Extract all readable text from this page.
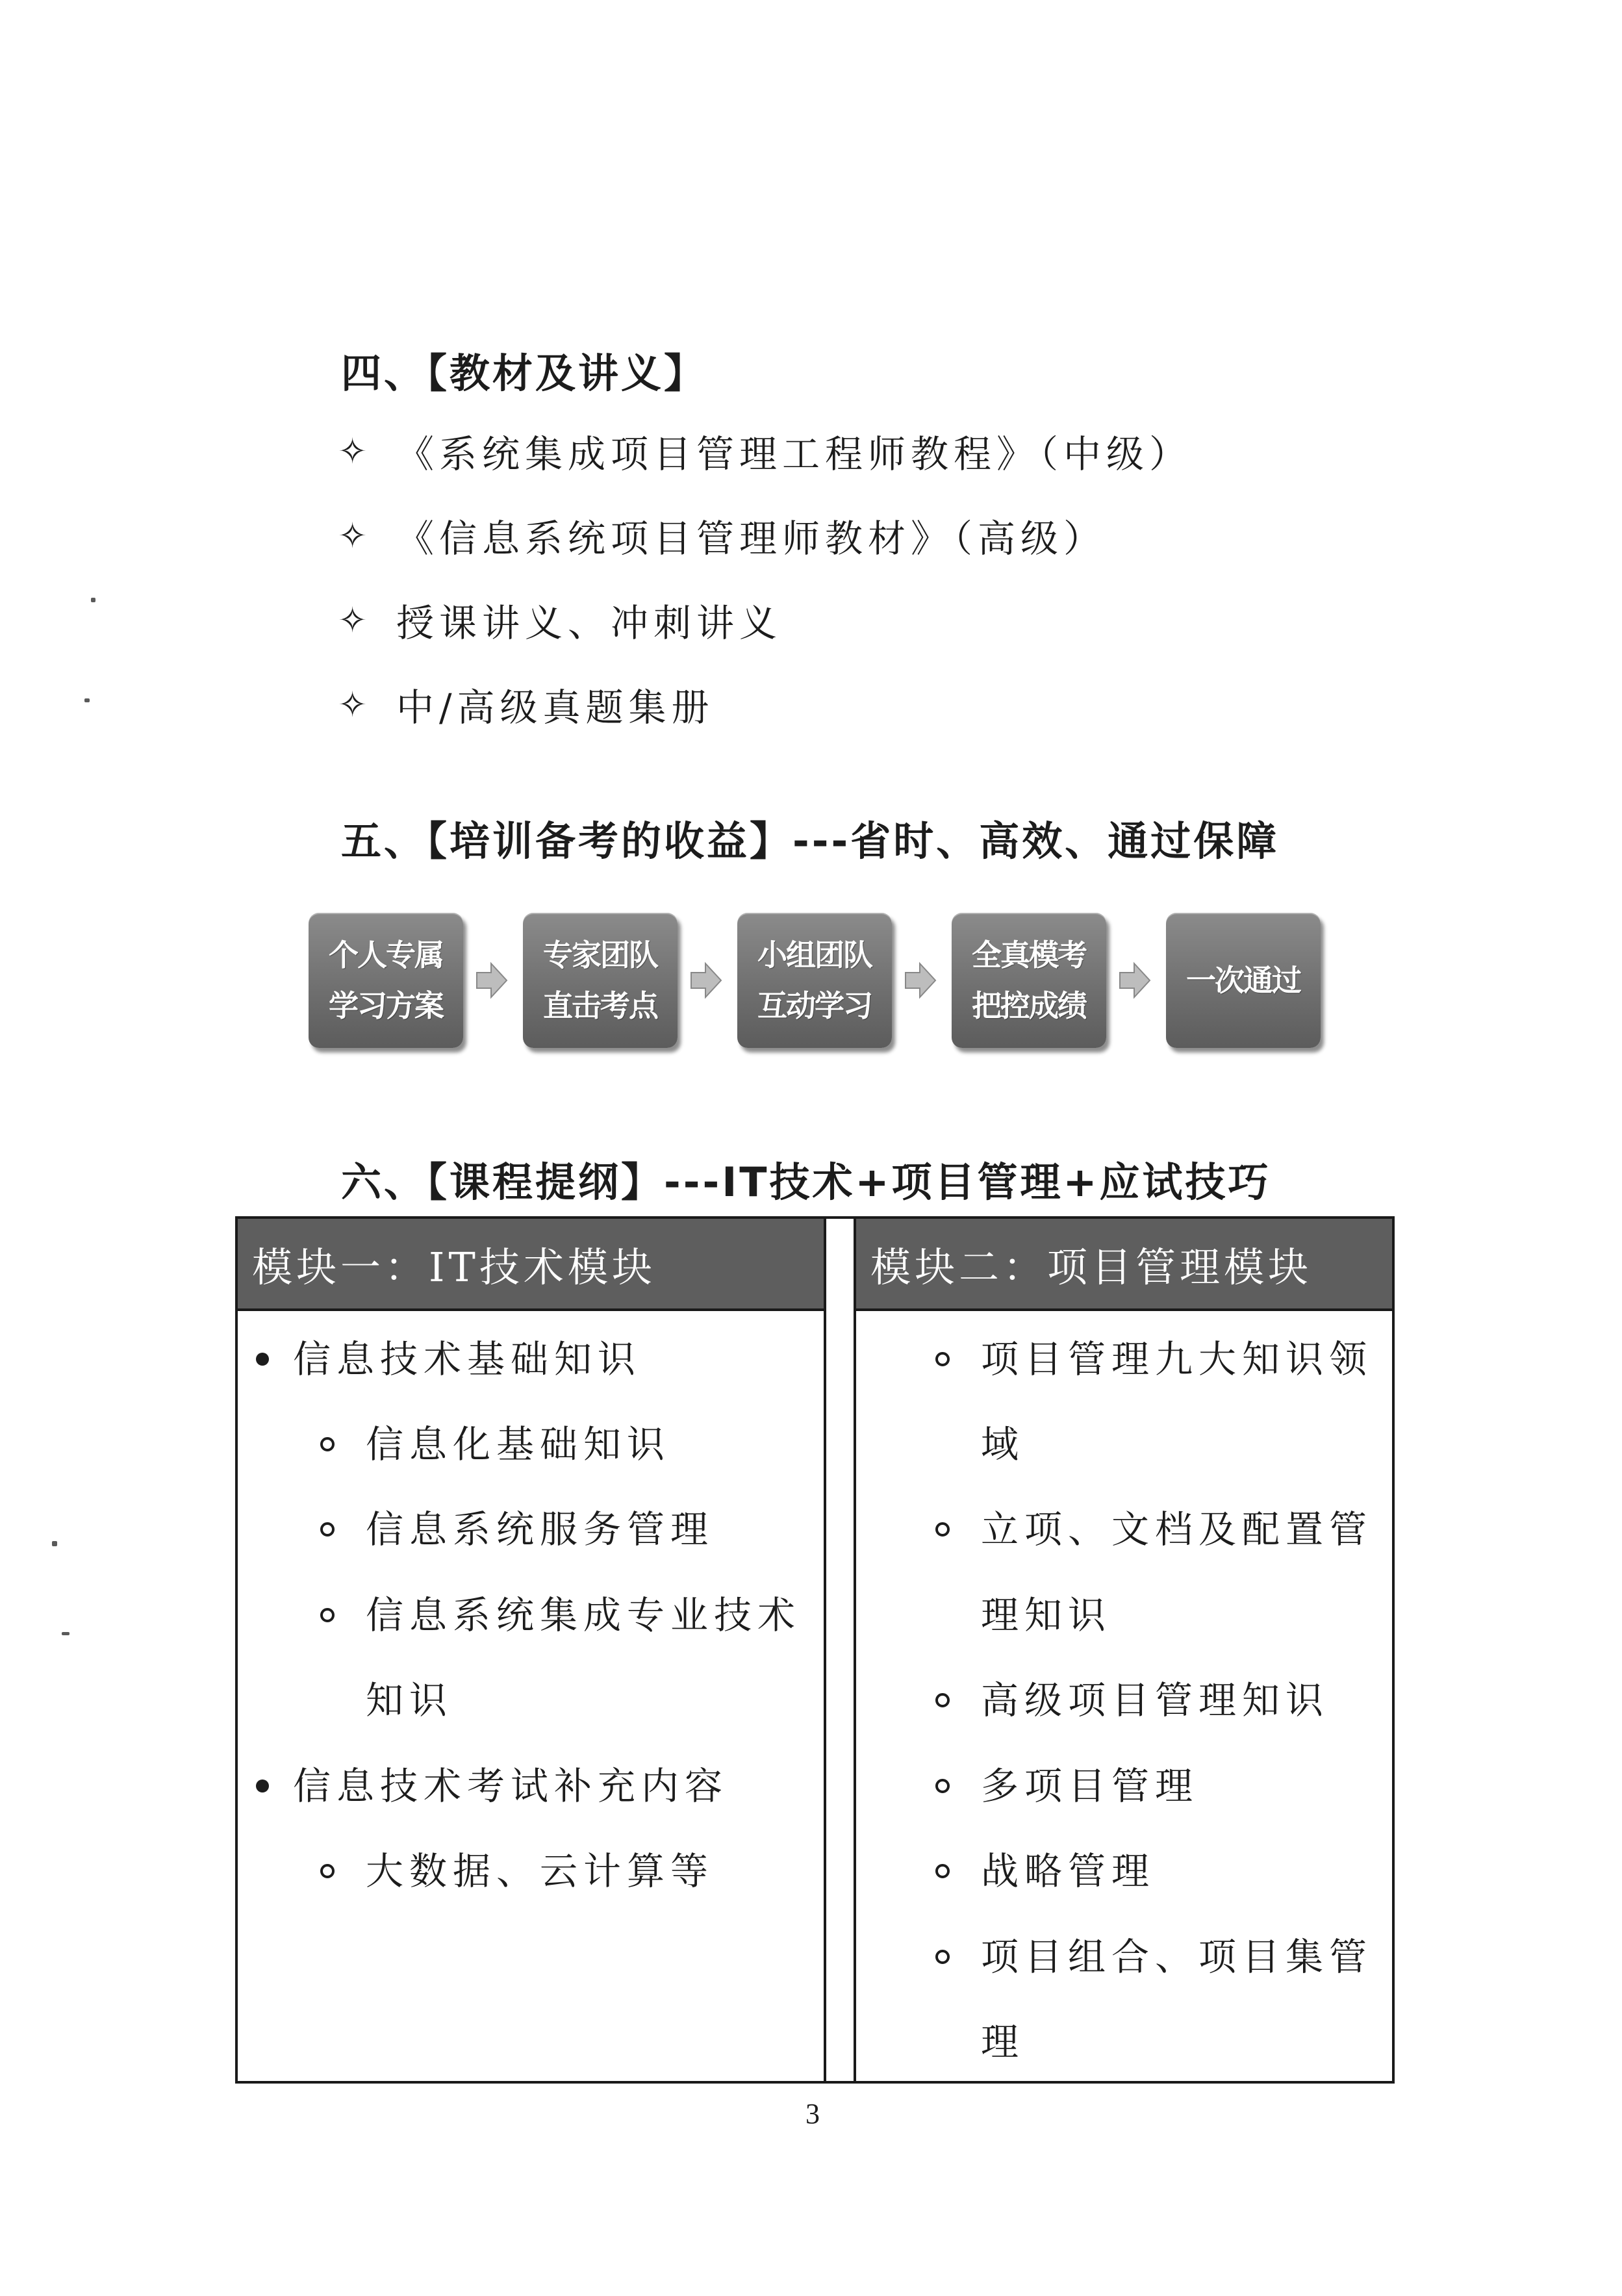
四、【教材及讲义】
✧ 《系统集成项目管理工程师教程》（中级）
✧ 《信息系统项目管理师教材》（高级）
✧ 授课讲义、冲刺讲义
✧ 中/高级真题集册
五、【培训备考的收益】---省时、高效、通过保障
个人专属
学习方案
专家团队
直击考点
小组团队
互动学习
全真模考
把控成绩
一次通过
六、【课程提纲】---IT技术+项目管理+应试技巧
模块一：IT技术模块
信息技术基础知识
信息化基础知识
信息系统服务管理
信息系统集成专业技术
知识
信息技术考试补充内容
大数据、云计算等
模块二：项目管理模块
项目管理九大知识领
域
立项、文档及配置管
理知识
高级项目管理知识
多项目管理
战略管理
项目组合、项目集管
理
3
